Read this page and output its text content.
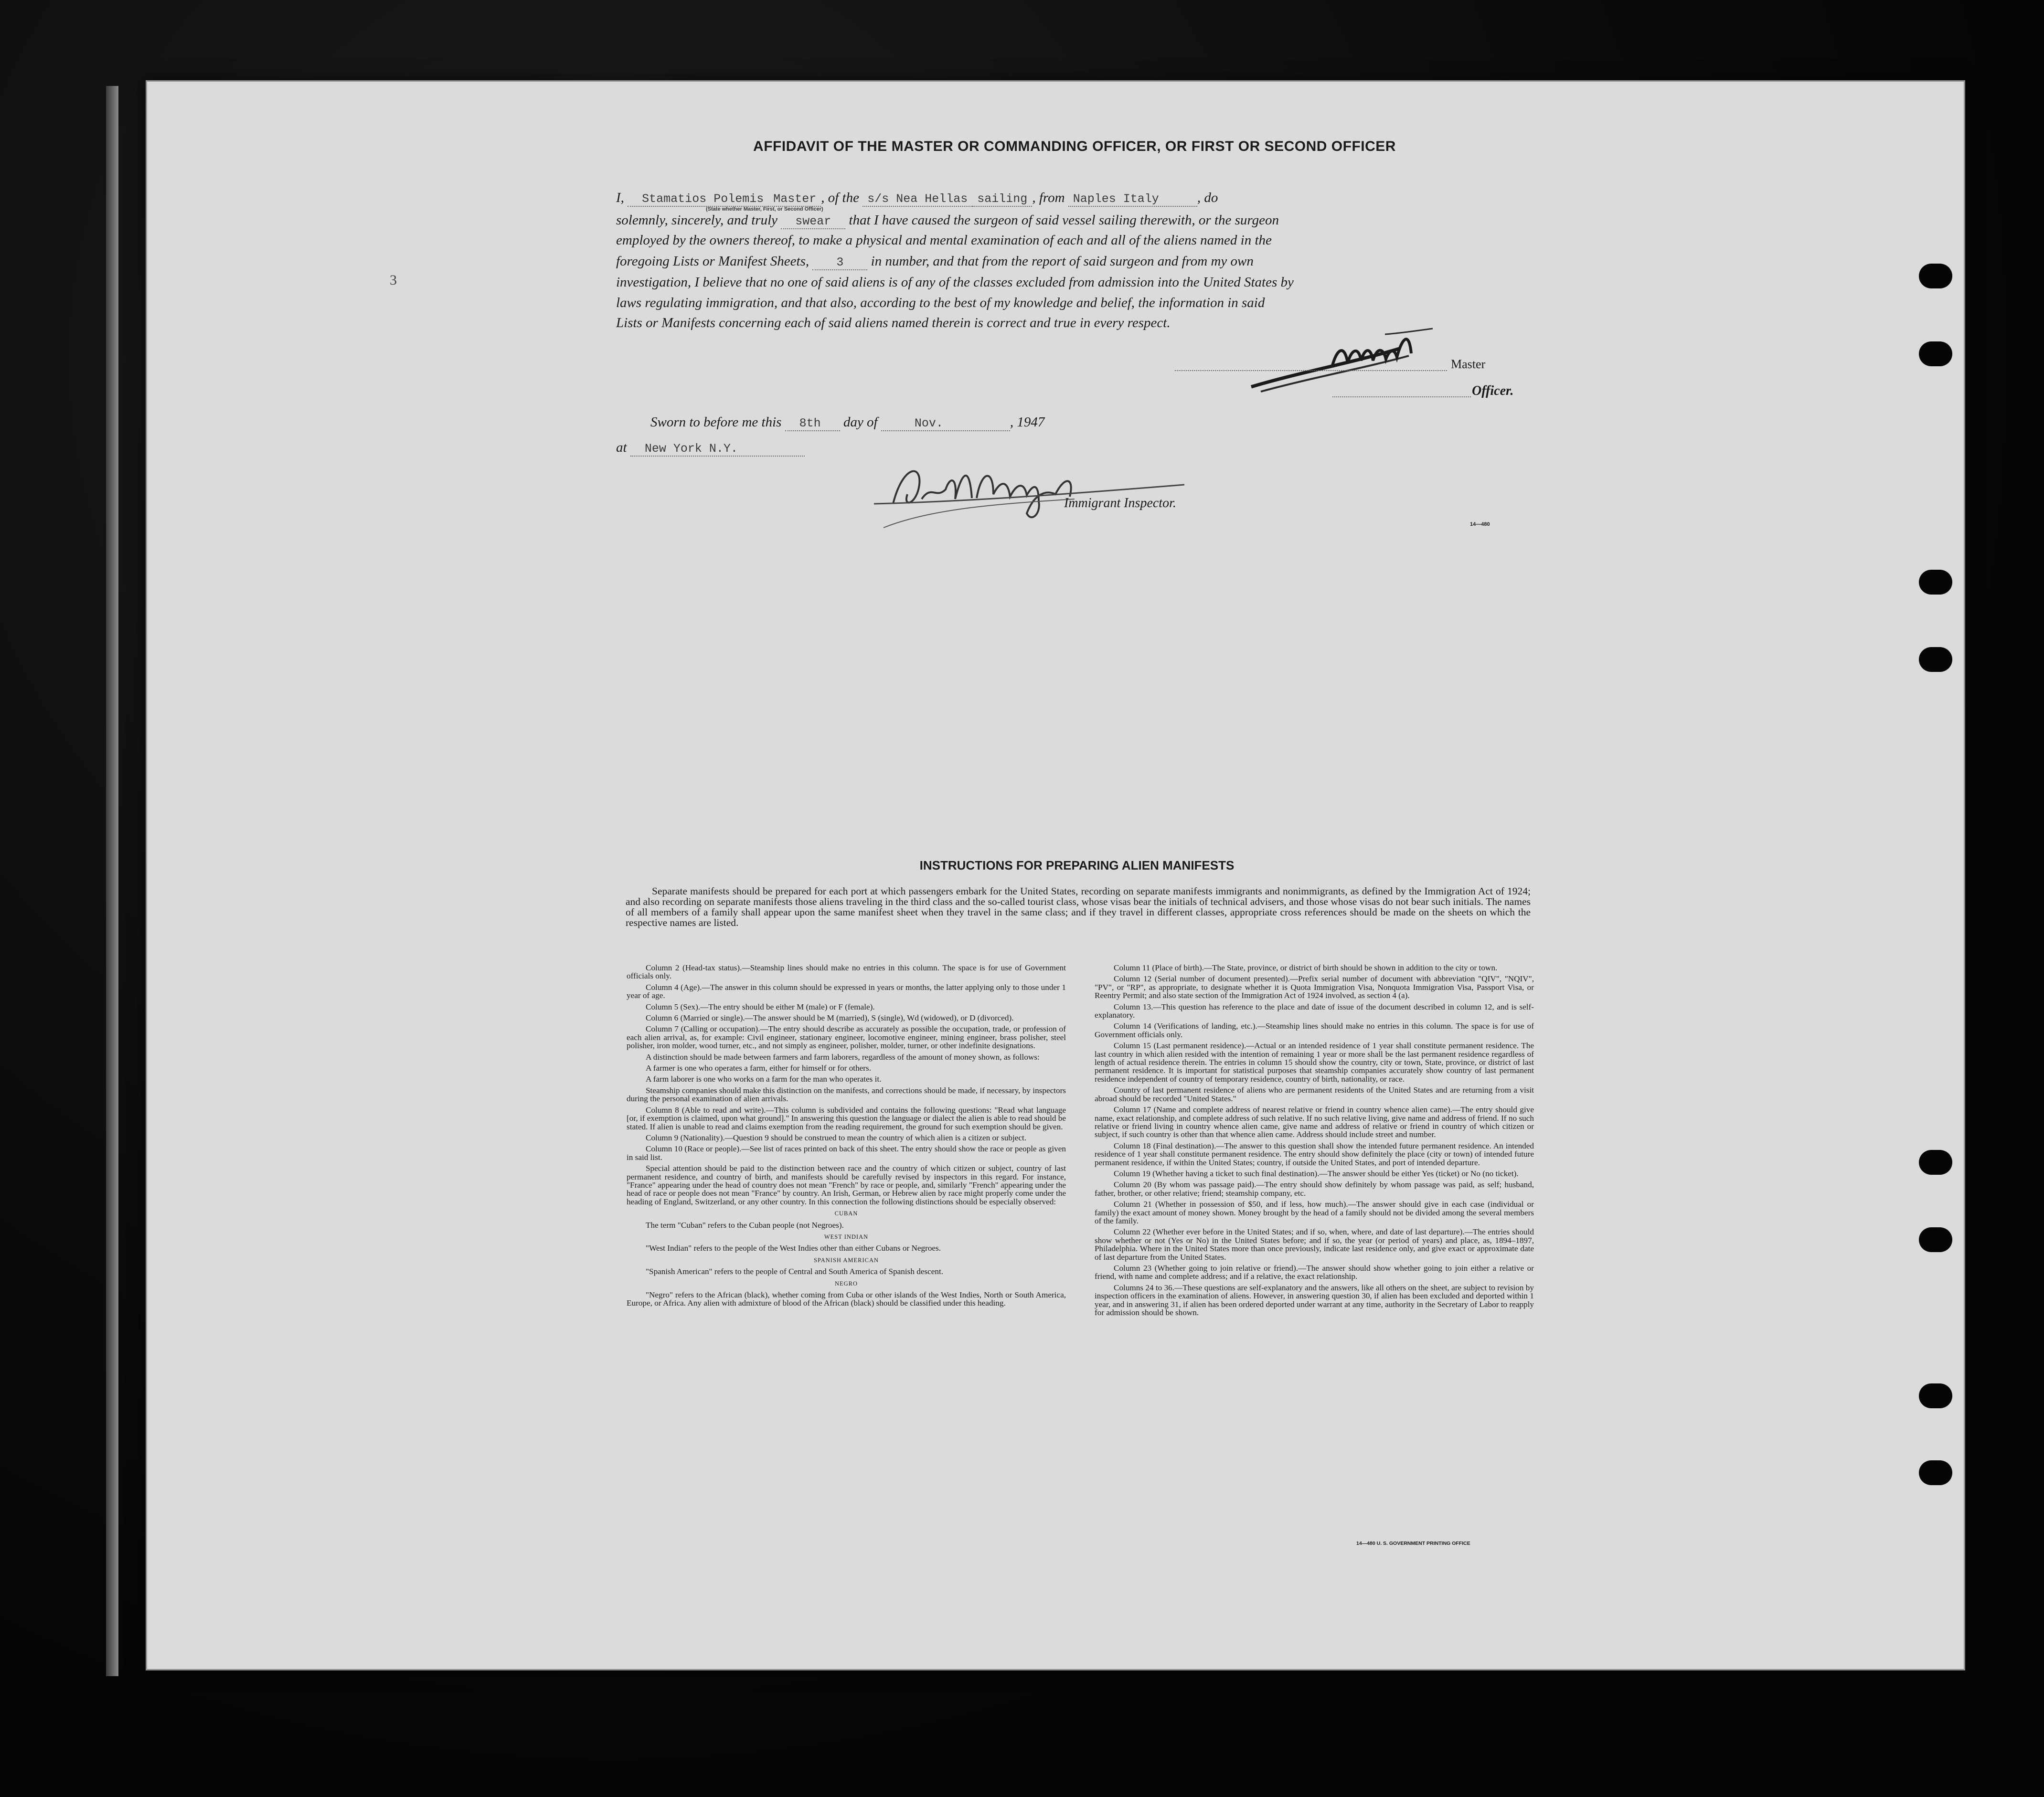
3
AFFIDAVIT OF THE MASTER OR COMMANDING OFFICER, OR FIRST OR SECOND OFFICER
I, Stamatios Polemis Master , of the s/s Nea Hellas sailing , from Naples Italy	, do
(State whether Master, First, or Second Officer)
solemnly, sincerely, and truly swear that I have caused the surgeon of said vessel sailing therewith, or the surgeon
employed by the owners thereof, to make a physical and mental examination of each and all of the aliens named in the
foregoing Lists or Manifest Sheets, 3 in number, and that from the report of said surgeon and from my own
investigation, I believe that no one of said aliens is of any of the classes excluded from admission into the United States by
laws regulating immigration, and that also, according to the best of my knowledge and belief, the information in said
Lists or Manifests concerning each of said aliens named therein is correct and true in every respect.
Master
Officer.
Sworn to before me this 8th day of	Nov.	, 1947
at New York N.Y.
Immigrant Inspector.
14—480
INSTRUCTIONS FOR PREPARING ALIEN MANIFESTS
Separate manifests should be prepared for each port at which passengers embark for the United States, recording on separate manifests immigrants and nonimmigrants, as defined by the Immigration Act of 1924; and also recording on separate manifests those aliens traveling in the third class and the so-called tourist class, whose visas bear the initials of technical advisers, and those whose visas do not bear such initials. The names of all members of a family shall appear upon the same manifest sheet when they travel in the same class; and if they travel in different classes, appropriate cross references should be made on the sheets on which the respective names are listed.

Column 2 (Head-tax status).—Steamship lines should make no entries in this column. The space is for use of Government officials only.

Column 4 (Age).—The answer in this column should be expressed in years or months, the latter applying only to those under 1 year of age.

Column 5 (Sex).—The entry should be either M (male) or F (female).

Column 6 (Married or single).—The answer should be M (married), S (single), Wd (widowed), or D (divorced).

Column 7 (Calling or occupation).—The entry should describe as accurately as possible the occupation, trade, or profession of each alien arrival, as, for example: Civil engineer, stationary engineer, locomotive engineer, mining engineer, brass polisher, steel polisher, iron molder, wood turner, etc., and not simply as engineer, polisher, molder, turner, or other indefinite designations.

A distinction should be made between farmers and farm laborers, regardless of the amount of money shown, as follows:

A farmer is one who operates a farm, either for himself or for others.

A farm laborer is one who works on a farm for the man who operates it.

Steamship companies should make this distinction on the manifests, and corrections should be made, if necessary, by inspectors during the personal examination of alien arrivals.

Column 8 (Able to read and write).—This column is subdivided and contains the following questions: "Read what language [or, if exemption is claimed, upon what ground]." In answering this question the language or dialect the alien is able to read should be stated. If alien is unable to read and claims exemption from the reading requirement, the ground for such exemption should be given.

Column 9 (Nationality).—Question 9 should be construed to mean the country of which alien is a citizen or subject.

Column 10 (Race or people).—See list of races printed on back of this sheet. The entry should show the race or people as given in said list.

Special attention should be paid to the distinction between race and the country of which citizen or subject, country of last permanent residence, and country of birth, and manifests should be carefully revised by inspectors in this regard. For instance, "France" appearing under the head of country does not mean "French" by race or people, and, similarly "French" appearing under the head of race or people does not mean "France" by country. An Irish, German, or Hebrew alien by race might properly come under the heading of England, Switzerland, or any other country. In this connection the following distinctions should be especially observed:

CUBAN

The term "Cuban" refers to the Cuban people (not Negroes).

WEST INDIAN

"West Indian" refers to the people of the West Indies other than either Cubans or Negroes.

SPANISH AMERICAN

"Spanish American" refers to the people of Central and South America of Spanish descent.

NEGRO

"Negro" refers to the African (black), whether coming from Cuba or other islands of the West Indies, North or South America, Europe, or Africa. Any alien with admixture of blood of the African (black) should be classified under this heading.

Column 11 (Place of birth).—The State, province, or district of birth should be shown in addition to the city or town.

Column 12 (Serial number of document presented).—Prefix serial number of document with abbreviation "QIV", "NQIV", "PV", or "RP", as appropriate, to designate whether it is Quota Immigration Visa, Nonquota Immigration Visa, Passport Visa, or Reentry Permit; and also state section of the Immigration Act of 1924 involved, as section 4 (a).

Column 13.—This question has reference to the place and date of issue of the document described in column 12, and is self-explanatory.

Column 14 (Verifications of landing, etc.).—Steamship lines should make no entries in this column. The space is for use of Government officials only.

Column 15 (Last permanent residence).—Actual or an intended residence of 1 year shall constitute permanent residence. The last country in which alien resided with the intention of remaining 1 year or more shall be the last permanent residence regardless of length of actual residence therein. The entries in column 15 should show the country, city or town, State, province, or district of last permanent residence. It is important for statistical purposes that steamship companies accurately show country of last permanent residence independent of country of temporary residence, country of birth, nationality, or race.

Country of last permanent residence of aliens who are permanent residents of the United States and are returning from a visit abroad should be recorded "United States."

Column 17 (Name and complete address of nearest relative or friend in country whence alien came).—The entry should give name, exact relationship, and complete address of such relative. If no such relative living, give name and address of friend. If no such relative or friend living in country whence alien came, give name and address of relative or friend in country of which citizen or subject, if such country is other than that whence alien came. Address should include street and number.

Column 18 (Final destination).—The answer to this question shall show the intended future permanent residence. An intended residence of 1 year shall constitute permanent residence. The entry should show definitely the place (city or town) of intended future permanent residence, if within the United States; country, if outside the United States, and port of intended departure.

Column 19 (Whether having a ticket to such final destination).—The answer should be either Yes (ticket) or No (no ticket).

Column 20 (By whom was passage paid).—The entry should show definitely by whom passage was paid, as self; husband, father, brother, or other relative; friend; steamship company, etc.

Column 21 (Whether in possession of $50, and if less, how much).—The answer should give in each case (individual or family) the exact amount of money shown. Money brought by the head of a family should not be divided among the several members of the family.

Column 22 (Whether ever before in the United States; and if so, when, where, and date of last departure).—The entries should show whether or not (Yes or No) in the United States before; and if so, the year (or period of years) and place, as, 1894–1897, Philadelphia. Where in the United States more than once previously, indicate last residence only, and give exact or approximate date of last departure from the United States.

Column 23 (Whether going to join relative or friend).—The answer should show whether going to join either a relative or friend, with name and complete address; and if a relative, the exact relationship.

Columns 24 to 36.—These questions are self-explanatory and the answers, like all others on the sheet, are subject to revision by inspection officers in the examination of aliens. However, in answering question 30, if alien has been excluded and deported within 1 year, and in answering 31, if alien has been ordered deported under warrant at any time, authority in the Secretary of Labor to reapply for admission should be shown.

14—480 U. S. GOVERNMENT PRINTING OFFICE
